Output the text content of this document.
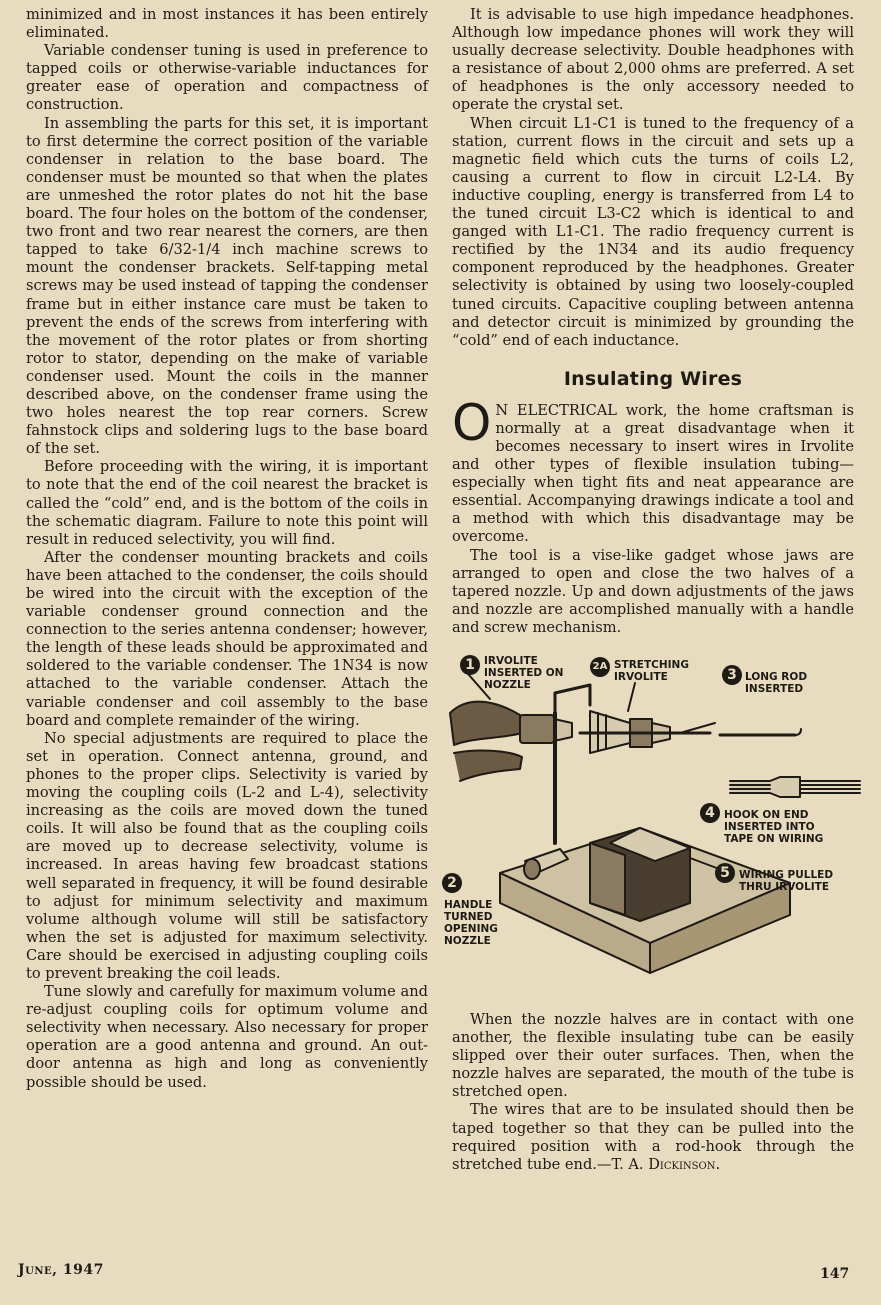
minimized and in most instances it has been entirely eliminated.

Variable condenser tuning is used in preference to tapped coils or otherwise-variable inductances for greater ease of operation and compactness of construction.

In assembling the parts for this set, it is important to first determine the correct position of the variable condenser in relation to the base board. The condenser must be mounted so that when the plates are unmeshed the rotor plates do not hit the base board. The four holes on the bottom of the condenser, two front and two rear nearest the corners, are then tapped to take 6/32-1/4 inch machine screws to mount the condenser brackets. Self-tapping metal screws may be used instead of tapping the condenser frame but in either instance care must be taken to prevent the ends of the screws from interfering with the movement of the rotor plates or from shorting rotor to stator, depending on the make of variable condenser used. Mount the coils in the manner described above, on the condenser frame using the two holes nearest the top rear corners. Screw fahnstock clips and soldering lugs to the base board of the set.

Before proceeding with the wiring, it is important to note that the end of the coil nearest the bracket is called the “cold” end, and is the bottom of the coils in the schematic diagram. Failure to note this point will result in reduced selectivity, you will find.

After the condenser mounting brackets and coils have been attached to the condenser, the coils should be wired into the circuit with the exception of the variable condenser ground connection and the connection to the series antenna condenser; however, the length of these leads should be approximated and soldered to the variable condenser. The 1N34 is now attached to the variable condenser. Attach the variable condenser and coil assembly to the base board and complete remainder of the wiring.

No special adjustments are required to place the set in operation. Connect antenna, ground, and phones to the proper clips. Selectivity is varied by moving the coupling coils (L-2 and L-4), selectivity increasing as the coils are moved down the tuned coils. It will also be found that as the coupling coils are moved up to decrease selectivity, volume is increased. In areas having few broadcast stations well separated in frequency, it will be found desirable to adjust for minimum selectivity and maximum volume although volume will still be satisfactory when the set is adjusted for maximum selectivity. Care should be exercised in adjusting coupling coils to prevent breaking the coil leads.

Tune slowly and carefully for maximum volume and re-adjust coupling coils for optimum volume and selectivity when necessary. Also necessary for proper operation are a good antenna and ground. An out-door antenna as high and long as conveniently possible should be used.

It is advisable to use high impedance headphones. Although low impedance phones will work they will usually decrease selectivity. Double headphones with a resistance of about 2,000 ohms are preferred. A set of headphones is the only accessory needed to operate the crystal set.

When circuit L1-C1 is tuned to the frequency of a station, current flows in the circuit and sets up a magnetic field which cuts the turns of coils L2, causing a current to flow in circuit L2-L4. By inductive coupling, energy is transferred from L4 to the tuned circuit L3-C2 which is identical to and ganged with L1-C1. The radio frequency current is rectified by the 1N34 and its audio frequency component reproduced by the headphones. Greater selectivity is obtained by using two loosely-coupled tuned circuits. Capacitive coupling between antenna and detector circuit is minimized by grounding the “cold” end of each inductance.

Insulating Wires

O N ELECTRICAL work, the home craftsman is normally at a great disadvantage when it becomes necessary to insert wires in Irvolite and other types of flexible insulation tubing—especially when tight fits and neat appearance are essential. Accompanying drawings indicate a tool and a method with which this disadvantage may be overcome.

The tool is a vise-like gadget whose jaws are arranged to open and close the two halves of a tapered nozzle. Up and down adjustments of the jaws and nozzle are accomplished manually with a handle and screw mechanism.

1 IRVOLITE INSERTED ON NOZZLE
2A STRETCHING IRVOLITE	3 LONG ROD INSERTED
4 HOOK ON END INSERTED INTO TAPE ON WIRING
5 WIRING PULLED THRU IRVOLITE
2
HANDLE TURNED OPENING NOZZLE

When the nozzle halves are in contact with one another, the flexible insulating tube can be easily slipped over their outer surfaces. Then, when the nozzle halves are separated, the mouth of the tube is stretched open.

The wires that are to be insulated should then be taped together so that they can be pulled into the required position with a rod-hook through the stretched tube end.—T. A. Dickinson.

June, 1947	147
